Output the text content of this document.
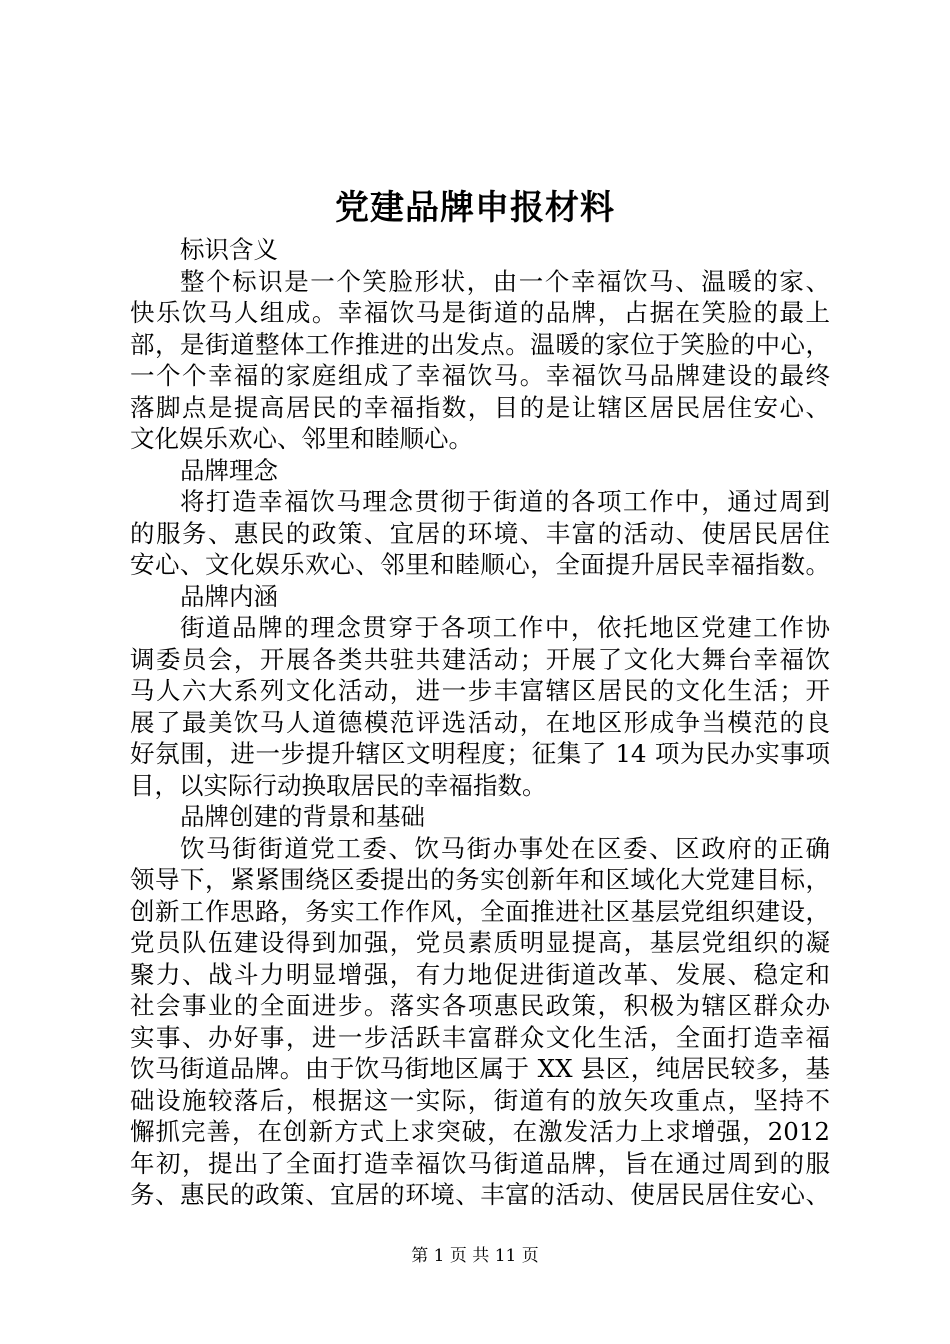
党建品牌申报材料
标识含义
整个标识是一个笑脸形状，由一个幸福饮马、温暖的家、
快乐饮马人组成。幸福饮马是街道的品牌，占据在笑脸的最上
部，是街道整体工作推进的出发点。温暖的家位于笑脸的中心，
一个个幸福的家庭组成了幸福饮马。幸福饮马品牌建设的最终
落脚点是提高居民的幸福指数，目的是让辖区居民居住安心、
文化娱乐欢心、邻里和睦顺心。
品牌理念
将打造幸福饮马理念贯彻于街道的各项工作中，通过周到
的服务、惠民的政策、宜居的环境、丰富的活动、使居民居住
安心、文化娱乐欢心、邻里和睦顺心，全面提升居民幸福指数。
品牌内涵
街道品牌的理念贯穿于各项工作中，依托地区党建工作协
调委员会，开展各类共驻共建活动；开展了文化大舞台幸福饮
马人六大系列文化活动，进一步丰富辖区居民的文化生活；开
展了最美饮马人道德模范评选活动，在地区形成争当模范的良
好氛围，进一步提升辖区文明程度；征集了 14 项为民办实事项
目，以实际行动换取居民的幸福指数。
品牌创建的背景和基础
饮马街街道党工委、饮马街办事处在区委、区政府的正确
领导下，紧紧围绕区委提出的务实创新年和区域化大党建目标，
创新工作思路，务实工作作风，全面推进社区基层党组织建设，
党员队伍建设得到加强，党员素质明显提高，基层党组织的凝
聚力、战斗力明显增强，有力地促进街道改革、发展、稳定和
社会事业的全面进步。落实各项惠民政策，积极为辖区群众办
实事、办好事，进一步活跃丰富群众文化生活，全面打造幸福
饮马街道品牌。由于饮马街地区属于 XX 县区，纯居民较多，基
础设施较落后，根据这一实际，街道有的放矢攻重点，坚持不
懈抓完善，在创新方式上求突破，在激发活力上求增强，2012
年初，提出了全面打造幸福饮马街道品牌，旨在通过周到的服
务、惠民的政策、宜居的环境、丰富的活动、使居民居住安心、
第 1 页 共 11 页
